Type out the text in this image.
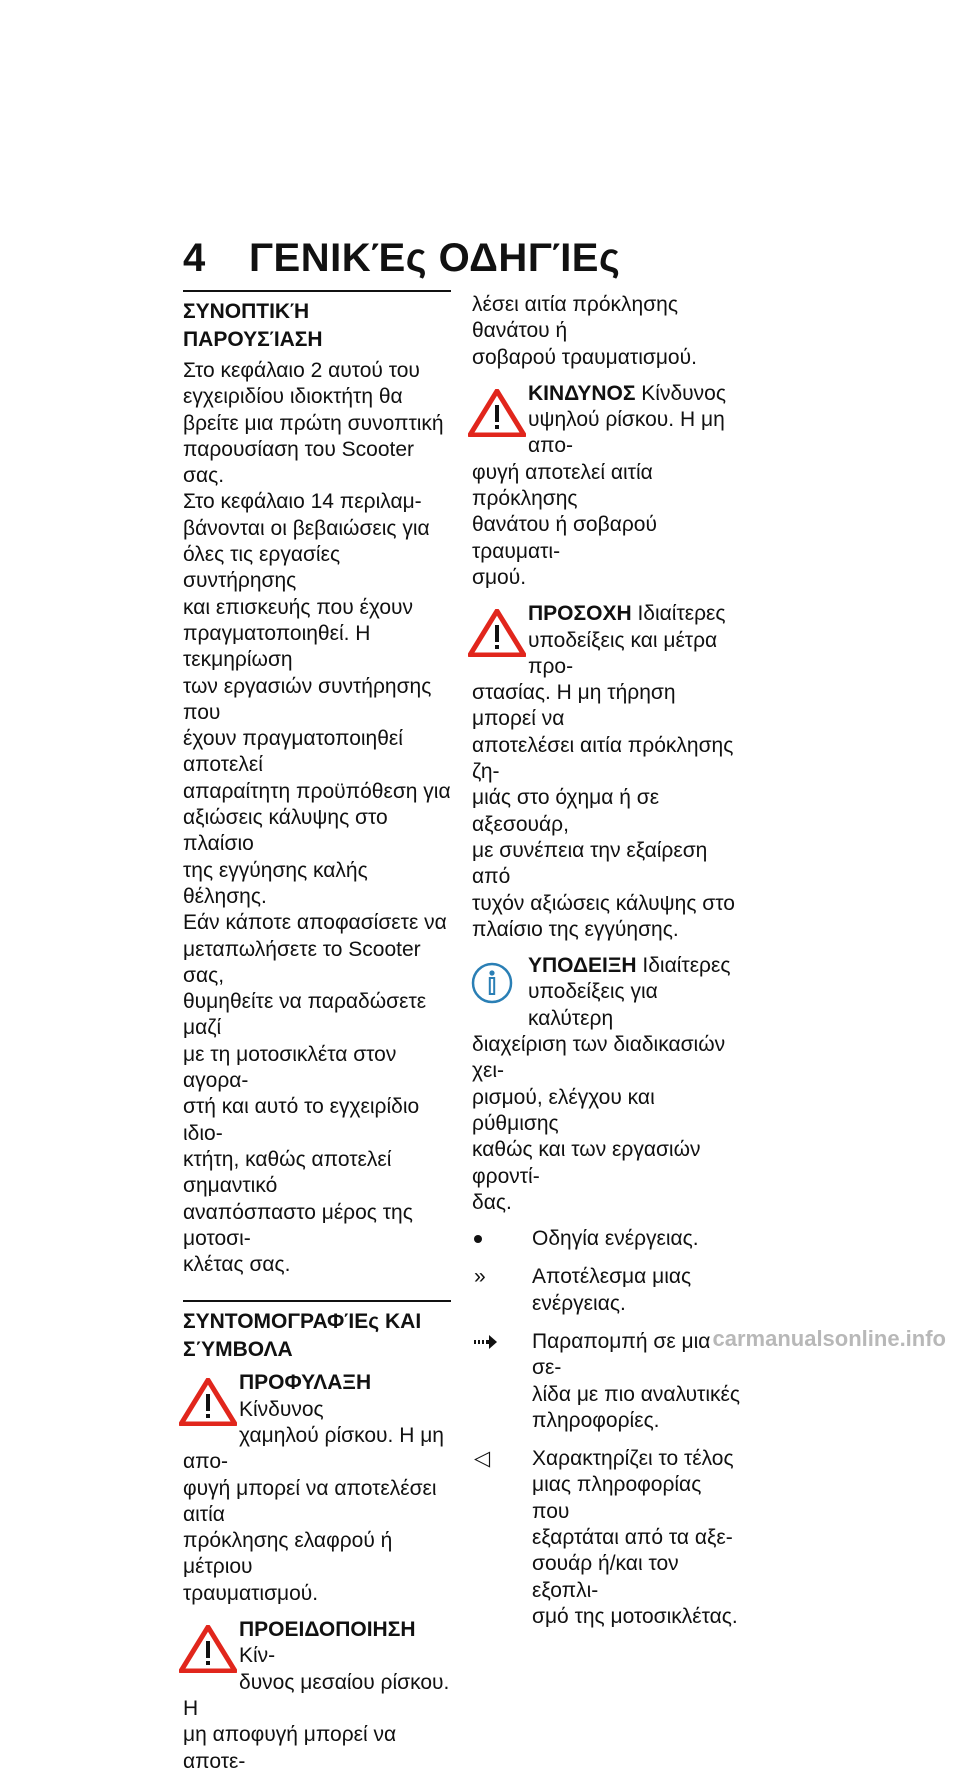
4 ΓΕΝΙΚΈς ΟΔΗΓΊΕς
ΣΥΝΟΠΤΙΚΉ ΠΑΡΟΥΣΊΑΣΗ

Στο κεφάλαιο 2 αυτού του

εγχειριδίου ιδιοκτήτη θα

βρείτε μια πρώτη συνοπτική

παρουσίαση του Scooter σας.

Στο κεφάλαιο 14 περιλαμ-

βάνονται οι βεβαιώσεις για

όλες τις εργασίες συντήρησης

και επισκευής που έχουν

πραγματοποιηθεί. Η τεκμηρίωση

των εργασιών συντήρησης που

έχουν πραγματοποιηθεί αποτελεί

απαραίτητη προϋπόθεση για

αξιώσεις κάλυψης στο πλαίσιο

της εγγύησης καλής θέλησης.

Εάν κάποτε αποφασίσετε να

μεταπωλήσετε το Scooter σας,

θυμηθείτε να παραδώσετε μαζί

με τη μοτοσικλέτα στον αγορα-

στή και αυτό το εγχειρίδιο ιδιο-

κτήτη, καθώς αποτελεί σημαντικό

αναπόσπαστο μέρος της μοτοσι-

κλέτας σας.

ΣΥΝΤΟΜΟΓΡΑΦΊΕς ΚΑΙ
ΣΎΜΒΟΛΑ

ΠΡΟΦΥΛΑΞΗ Κίνδυνος
χαμηλού ρίσκου. Η μη απο-
φυγή μπορεί να αποτελέσει αιτία
πρόκλησης ελαφρού ή μέτριου
τραυματισμού.

ΠΡΟΕΙΔΟΠΟΙΗΣΗ Κίν-
δυνος μεσαίου ρίσκου. Η
μη αποφυγή μπορεί να αποτε-

λέσει αιτία πρόκλησης θανάτου ή
σοβαρού τραυματισμού.

ΚΙΝΔΥΝΟΣ Κίνδυνος
υψηλού ρίσκου. Η μη απο-
φυγή αποτελεί αιτία πρόκλησης
θανάτου ή σοβαρού τραυματι-
σμού.

ΠΡΟΣΟΧΗ Ιδιαίτερες
υποδείξεις και μέτρα προ-
στασίας. Η μη τήρηση μπορεί να
αποτελέσει αιτία πρόκλησης ζη-
μιάς στο όχημα ή σε αξεσουάρ,
με συνέπεια την εξαίρεση από
τυχόν αξιώσεις κάλυψης στο
πλαίσιο της εγγύησης.

ΥΠΟΔΕΙΞΗ Ιδιαίτερες
υποδείξεις για καλύτερη
διαχείριση των διαδικασιών χει-
ρισμού, ελέγχου και ρύθμισης
καθώς και των εργασιών φροντί-
δας.

Οδηγία ενέργειας.
»	Αποτέλεσμα μιας
ενέργειας.
Παραπομπή σε μια σε-
λίδα με πιο αναλυτικές
πληροφορίες.
◁	Χαρακτηρίζει το τέλος
μιας πληροφορίας που
εξαρτάται από τα αξε-
σουάρ ή/και τον εξοπλι-
σμό της μοτοσικλέτας.
carmanualsonline.info
